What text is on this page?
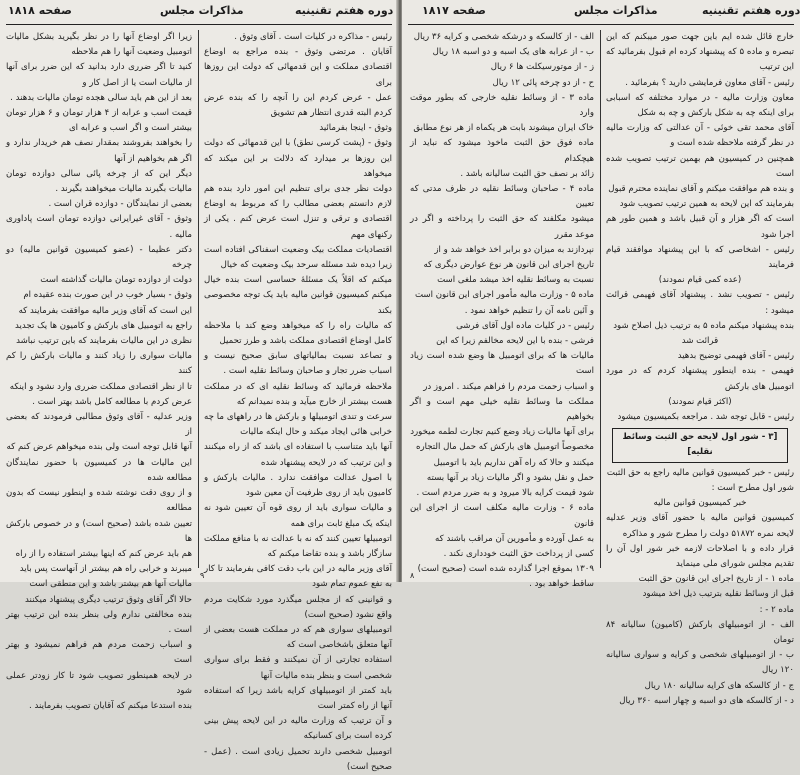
صفحه ۱۸۱۸	مذاکرات مجلس	دوره هفتم تقنینیه

زیرا اگر اوضاع آنها را در نظر بگیرید بشکل مالیات اتومبیل وضعیت آنها را هم ملاحظه

کنید تا اگر ضرری دارد بدانید که این ضرر برای آنها از مالیات است یا از اصل کار و

بعد از این هم باید سالی هجده تومان مالیات بدهند .

قیمت اسب و عرابه از ۴ هزار تومان و ۶ هزار تومان بیشتر است و اگر اسب و عرابه ای

را بخواهند بفروشند بمقدار نصف هم خریدار ندارد و اگر هم بخواهیم از آنها

دیگر این که از چرخه پائی سالی دوازده تومان مالیات بگیرند مالیات میخواهند بگیرند .

بعضی از نمایندگان - دوازده قران است .

وثوق - آقای غیرایرانی دوازده تومان است پاداوری مالیه .

دکتر عظیما - (عضو کمیسیون قوانین مالیه) دو چرخه

دولت از دوازده تومان مالیات گذاشته است

وثوق - بسیار خوب در این صورت بنده عقیده ام

این است که آقای وزیر مالیه موافقت بفرمایند که

راجع به اتومبیل های بارکش و کامیون ها یک تجدید

نظری در این مالیات بفرمایند که باین ترتیب نباشد

مالیات سواری را زیاد کنند و مالیات بارکش را کم کنند

تا از نظر اقتصادی مملکت ضرری وارد نشود و اینکه

عرض کردم با مطالعه کامل باشد بهتر است .

وزیر عدلیه - آقای وثوق مطالبی فرمودند که بعضی از

آنها قابل توجه است ولی بنده میخواهم عرض کنم که

این مالیات ها در کمیسیون با حضور نمایندگان مطالعه شده

و از روی دقت نوشته شده و اینطور نیست که بدون مطالعه

تعیین شده باشد (صحیح است) و در خصوص بارکش ها

هم باید عرض کنم که اینها بیشتر استفاده را از راه

میبرند و خرابی راه هم بیشتر از آنهاست پس باید

مالیات آنها هم بیشتر باشد و این منطقی است

حالا اگر آقای وثوق ترتیب دیگری پیشنهاد میکنند

بنده مخالفتی ندارم ولی بنظر بنده این ترتیب بهتر است .

و اسباب زحمت مردم هم فراهم نمیشود و بهتر است

در لایحه همینطور تصویب شود تا کار زودتر عملی شود

بنده استدعا میکنم که آقایان تصویب بفرمایند .

رئیس - مذاکره در کلیات است . آقای وثوق .

آقایان . مرتضی وثوق - بنده مراجع به اوضاع اقتصادی مملکت و این قدمهائی که دولت این روزها برای

عمل - عرض کردم این را آنچه را که بنده عرض کردم البته قدری انتظار هم تشویق

وثوق - اینجا بفرمائید

وثوق - (پشت کرسی نطق) با این قدمهائی که دولت این روزها بر میدارد که دلالت بر این میکند که میخواهد

دولت نظر جدی برای تنظیم این امور دارد بنده هم لازم دانستم بعضی مطالب را که مربوط به اوضاع اقتصادی و ترقی و تنزل است عرض کنم . یکی از رکنهای مهم

اقتصادیات مملکت بیک وضعیت اسفناکی افتاده است زیرا دیده شد مسئله سرحد بیک وضعیت که خیال

میکنم که اقلاً یک مسئلهٔ حساسی است بنده خیال میکنم کمیسیون قوانین مالیه باید یک توجه مخصوصی بکند

که مالیات راه را که میخواهد وضع کند با ملاحظه کامل اوضاع اقتصادی مملکت باشد و طرز تحمیل

و تصاعد نسبت بمالیاتهای سابق صحیح نیست و اسباب ضرر تجار و صاحبان وسائط نقلیه است .

ملاحظه فرمائید که وسائط نقلیه ای که در مملکت هست بیشتر از خارج میآید و بنده نمیدانم که

سرعت و تندی اتومبیلها و بارکش ها در راههای ما چه خرابی هائی ایجاد میکند و حال اینکه مالیات

آنها باید متناسب با استفاده ای باشد که از راه میکنند و این ترتیب که در لایحه پیشنهاد شده

با اصول عدالت موافقت ندارد . مالیات بارکش و کامیون باید از روی ظرفیت آن معین شود

و مالیات سواری باید از روی قوه آن تعیین شود نه اینکه یک مبلغ ثابت برای همه

اتومبیلها تعیین کنند که نه با عدالت نه با منافع مملکت سازگار باشد و بنده تقاضا میکنم که

آقای وزیر مالیه در این باب دقت کافی بفرمایند تا کار به نفع عموم تمام شود

و قوانینی که از مجلس میگذرد مورد شکایت مردم واقع نشود (صحیح است)

اتومبیلهای سواری هم که در مملکت هست بعضی از آنها متعلق باشخاصی است که

استفاده تجارتی از آن نمیکنند و فقط برای سواری شخصی است و بنظر بنده مالیات آنها

باید کمتر از اتومبیلهای کرایه باشد زیرا که استفاده آنها از راه کمتر است

و آن ترتیب که وزارت مالیه در این لایحه پیش بینی کرده است برای کسانیکه

اتومبیل شخصی دارند تحمیل زیادی است . (عمل - صحیح است)

۹
دوره هفتم تقنینیه
مذاکرات مجلس
صفحه ۱۸۱۷

الف - از کالسکه و درشکه شخصی و کرایه ۳۶ ریال

ب - از عرابه های یک اسبه و دو اسبه ۱۸ ریال

ز - از موتورسیکلت ها ۶ ریال

ح - از دو چرخه پائی ۱۲ ریال

ماده ۳ - از وسائط نقلیه خارجی که بطور موقت وارد

خاک ایران میشوند بابت هر یکماه از هر نوع مطابق

ماده فوق حق الثبت ماخوذ میشود که نباید از هیچکدام

زائد بر نصف حق الثبت سالیانه باشد .

ماده ۴ - صاحبان وسائط نقلیه در ظرف مدتی که تعیین

میشود مکلفند که حق الثبت را پرداخته و اگر در موعد مقرر

نپردازند به میزان دو برابر اخذ خواهد شد و از

تاریخ اجرای این قانون هر نوع عوارض دیگری که

نسبت به وسائط نقلیه اخذ میشد ملغی است

ماده ۵ - وزارت مالیه مأمور اجرای این قانون است

و آئین نامه آن را تنظیم خواهد نمود .

رئیس - در کلیات ماده اول آقای فرشی

فرشی - بنده با این لایحه مخالفم زیرا که این

مالیات ها که برای اتومبیل ها وضع شده است زیاد است

و اسباب زحمت مردم را فراهم میکند . امروز در

مملکت ما وسائط نقلیه خیلی مهم است و اگر بخواهیم

برای آنها مالیات زیاد وضع کنیم تجارت لطمه میخورد

مخصوصاً اتومبیل های بارکش که حمل مال التجاره

میکنند و حالا که راه آهن نداریم باید با اتومبیل

حمل و نقل بشود و اگر مالیات زیاد بر آنها بسته

شود قیمت کرایه بالا میرود و به ضرر مردم است .

ماده ۶ - وزارت مالیه مکلف است از اجرای این قانون

به عمل آورده و مأمورین آن مراقب باشند که

کسی از پرداخت حق الثبت خودداری نکند .

۱۳۰۹ بموقع اجرا گذارده شده است (صحیح است)

ساقط خواهد بود .

خارج قائل شده ایم باین جهت صور میبکنم که این تبصره و ماده ۵ که پیشنهاد کرده ام قبول بفرمائید که این ترتیب

رئیس - آقای معاون فرمایشی دارید ؟ بفرمائید .

معاون وزارت مالیه - در موارد مختلفه که اسبابی برای اینکه چه به شکل بارکش و چه به شکل

آقای محمد تقی خوئی - آن عدالتی که وزارت مالیه در نظر گرفته ملاحظه شده است و

همچنین در کمیسیون هم بهمین ترتیب تصویب شده است

و بنده هم موافقت میکنم و آقای نماینده محترم قبول

بفرمایند که این لایحه به همین ترتیب تصویب شود

است که اگر هزار و آن قبیل باشد و همین طور هم اجرا شود

رئیس - اشخاصی که با این پیشنهاد موافقند قیام فرمایند

(عده کمی قیام نمودند)

رئیس - تصویب نشد . پیشنهاد آقای فهیمی قرائت میشود :

بنده پیشنهاد میکنم ماده ۵ به ترتیب ذیل اصلاح شود

قرائت شد

رئیس - آقای فهیمی توضیح بدهید

فهیمی - بنده اینطور پیشنهاد کردم که در مورد اتومبیل های بارکش

(اکثر قیام نمودند)

رئیس - قابل توجه شد . مراجعه بکمیسیون میشود

[۳ - شور اول لایحه حق الثبت وسائط نقلیه]

رئیس - خبر کمیسیون قوانین مالیه راجع به حق الثبت

شور اول مطرح است :

خبر کمیسیون قوانین مالیه

کمیسیون قوانین مالیه با حضور آقای وزیر عدلیه لایحه نمره ۵۱۸۷۲ دولت را مطرح شور و مذاکره

قرار داده و با اصلاحات لازمه خبر شور اول آن را تقدیم مجلس شورای ملی مینماید

ماده ۱ - از تاریخ اجرای این قانون حق الثبت

قبل از وسائط نقلیه بترتیب ذیل اخذ میشود

ماده ۲ - :

الف - از اتومبیلهای بارکش (کامیون) سالیانه ۸۴ تومان

ب - از اتومبیلهای شخصی و کرایه و سواری سالیانه ۱۲۰ ریال

ج - از کالسکه های کرایه سالیانه ۱۸۰ ریال

د - از کالسکه های دو اسبه و چهار اسبه ۳۶۰ ریال

۸
